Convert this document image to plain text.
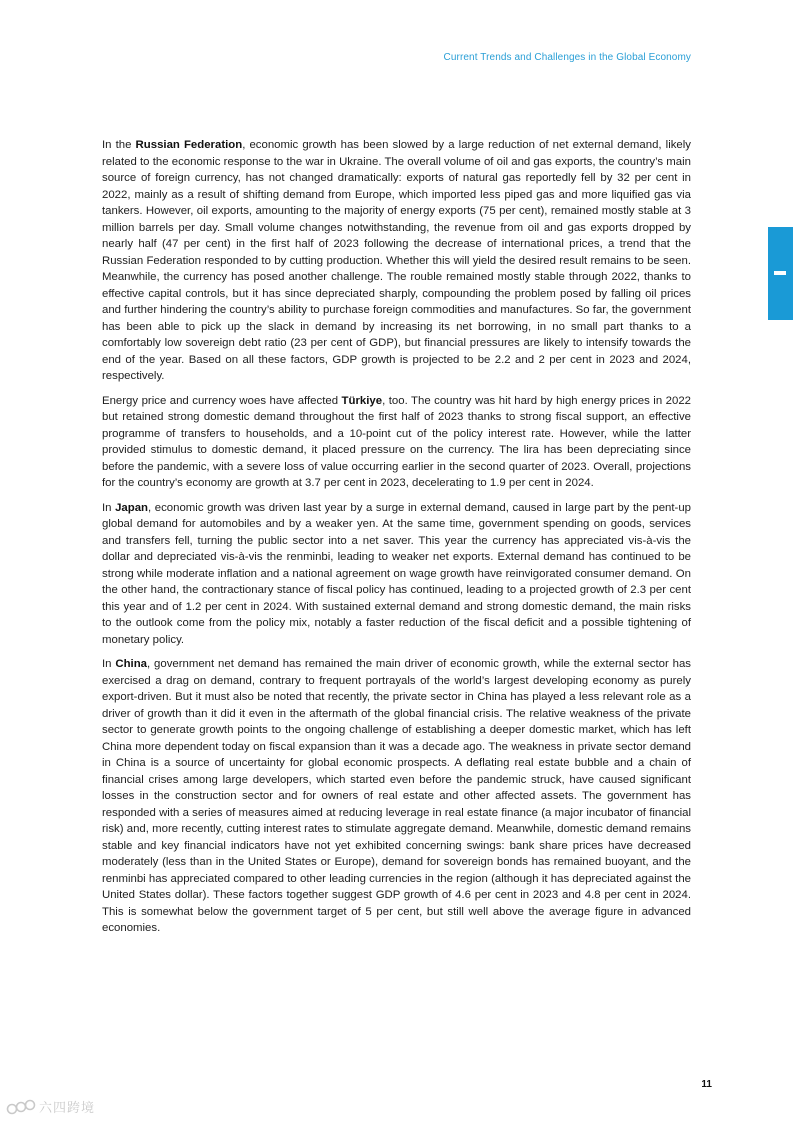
Current Trends and Challenges in the Global Economy

In the Russian Federation, economic growth has been slowed by a large reduction of net external demand, likely related to the economic response to the war in Ukraine. The overall volume of oil and gas exports, the country’s main source of foreign currency, has not changed dramatically: exports of natural gas reportedly fell by 32 per cent in 2022, mainly as a result of shifting demand from Europe, which imported less piped gas and more liquified gas via tankers. However, oil exports, amounting to the majority of energy exports (75 per cent), remained mostly stable at 3 million barrels per day. Small volume changes notwithstanding, the revenue from oil and gas exports dropped by nearly half (47 per cent) in the first half of 2023 following the decrease of international prices, a trend that the Russian Federation responded to by cutting production. Whether this will yield the desired result remains to be seen. Meanwhile, the currency has posed another challenge. The rouble remained mostly stable through 2022, thanks to effective capital controls, but it has since depreciated sharply, compounding the problem posed by falling oil prices and further hindering the country’s ability to purchase foreign commodities and manufactures. So far, the government has been able to pick up the slack in demand by increasing its net borrowing, in no small part thanks to a comfortably low sovereign debt ratio (23 per cent of GDP), but financial pressures are likely to intensify towards the end of the year. Based on all these factors, GDP growth is projected to be 2.2 and 2 per cent in 2023 and 2024, respectively.

Energy price and currency woes have affected Türkiye, too. The country was hit hard by high energy prices in 2022 but retained strong domestic demand throughout the first half of 2023 thanks to strong fiscal support, an effective programme of transfers to households, and a 10-point cut of the policy interest rate. However, while the latter provided stimulus to domestic demand, it placed pressure on the currency. The lira has been depreciating since before the pandemic, with a severe loss of value occurring earlier in the second quarter of 2023. Overall, projections for the country’s economy are growth at 3.7 per cent in 2023, decelerating to 1.9 per cent in 2024.

In Japan, economic growth was driven last year by a surge in external demand, caused in large part by the pent-up global demand for automobiles and by a weaker yen. At the same time, government spending on goods, services and transfers fell, turning the public sector into a net saver. This year the currency has appreciated vis-à-vis the dollar and depreciated vis-à-vis the renminbi, leading to weaker net exports. External demand has continued to be strong while moderate inflation and a national agreement on wage growth have reinvigorated consumer demand. On the other hand, the contractionary stance of fiscal policy has continued, leading to a projected growth of 2.3 per cent this year and of 1.2 per cent in 2024. With sustained external demand and strong domestic demand, the main risks to the outlook come from the policy mix, notably a faster reduction of the fiscal deficit and a possible tightening of monetary policy.

In China, government net demand has remained the main driver of economic growth, while the external sector has exercised a drag on demand, contrary to frequent portrayals of the world’s largest developing economy as purely export-driven. But it must also be noted that recently, the private sector in China has played a less relevant role as a driver of growth than it did it even in the aftermath of the global financial crisis. The relative weakness of the private sector to generate growth points to the ongoing challenge of establishing a deeper domestic market, which has left China more dependent today on fiscal expansion than it was a decade ago. The weakness in private sector demand in China is a source of uncertainty for global economic prospects. A deflating real estate bubble and a chain of financial crises among large developers, which started even before the pandemic struck, have caused significant losses in the construction sector and for owners of real estate and other affected assets. The government has responded with a series of measures aimed at reducing leverage in real estate finance (a major incubator of financial risk) and, more recently, cutting interest rates to stimulate aggregate demand. Meanwhile, domestic demand remains stable and key financial indicators have not yet exhibited concerning swings: bank share prices have decreased moderately (less than in the United States or Europe), demand for sovereign bonds has remained buoyant, and the renminbi has appreciated compared to other leading currencies in the region (although it has depreciated against the United States dollar). These factors together suggest GDP growth of 4.6 per cent in 2023 and 4.8 per cent in 2024. This is somewhat below the government target of 5 per cent, but still well above the average figure in advanced economies.

11
六四跨境
